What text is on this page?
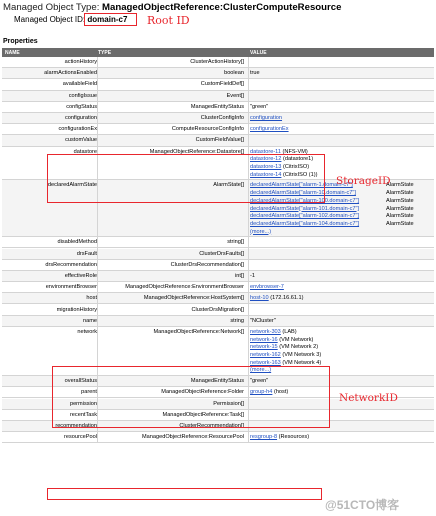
Managed Object Type: ManagedObjectReference:ClusterComputeResource
Managed Object ID: domain-c7 Root ID
Properties
NAME	TYPE	VALUE
actionHistory	ClusterActionHistory[]
alarmActionsEnabled	boolean true
availableField	CustomFieldDef[]
configIssue	Event[]
configStatus	ManagedEntityStatus "green"
configuration	ClusterConfigInfo configuration
configurationEx	ComputeResourceConfigInfo configurationEx
customValue	CustomFieldValue[]
datastore	ManagedObjectReference:Datastore[] datastore-11 (NFS-VM)
datastore-12 (datastore1)
datastore-13 (CitrixISO)
datastore-14 (CitrixISO (1))
declaredAlarmState	AlarmState[] declaredAlarmState["alarm-1.domain-c7"]	AlarmState
declaredAlarmState["alarm-10.domain-c7"]	AlarmState
declaredAlarmState["alarm-100.domain-c7"]	AlarmState
declaredAlarmState["alarm-101.domain-c7"]	AlarmState
declaredAlarmState["alarm-102.domain-c7"]	AlarmState
declaredAlarmState["alarm-104.domain-c7"]	AlarmState
(more...)
disabledMethod	string[]
drsFault	ClusterDrsFaults[]
drsRecommendation	ClusterDrsRecommendation[]
effectiveRole	int[] -1
environmentBrowser	ManagedObjectReference:EnvironmentBrowser envbrowser-7
host	ManagedObjectReference:HostSystem[] host-10 (172.16.61.1)
migrationHistory	ClusterDrsMigration[]
name	string "NCluster"
network	ManagedObjectReference:Network[] network-303 (LAB)
network-16 (VM Network)
network-15 (VM Network 2)
network-162 (VM Network 3)
network-163 (VM Network 4)
(more...)
overallStatus	ManagedEntityStatus "green"
parent	ManagedObjectReference:Folder group-h4 (host)
permission	Permission[]
recentTask	ManagedObjectReference:Task[]
recommendation	ClusterRecommendation[]
resourcePool	ManagedObjectReference:ResourcePool resgroup-8 (Resources)
StorageID
NetworkID
@51CTO博客
